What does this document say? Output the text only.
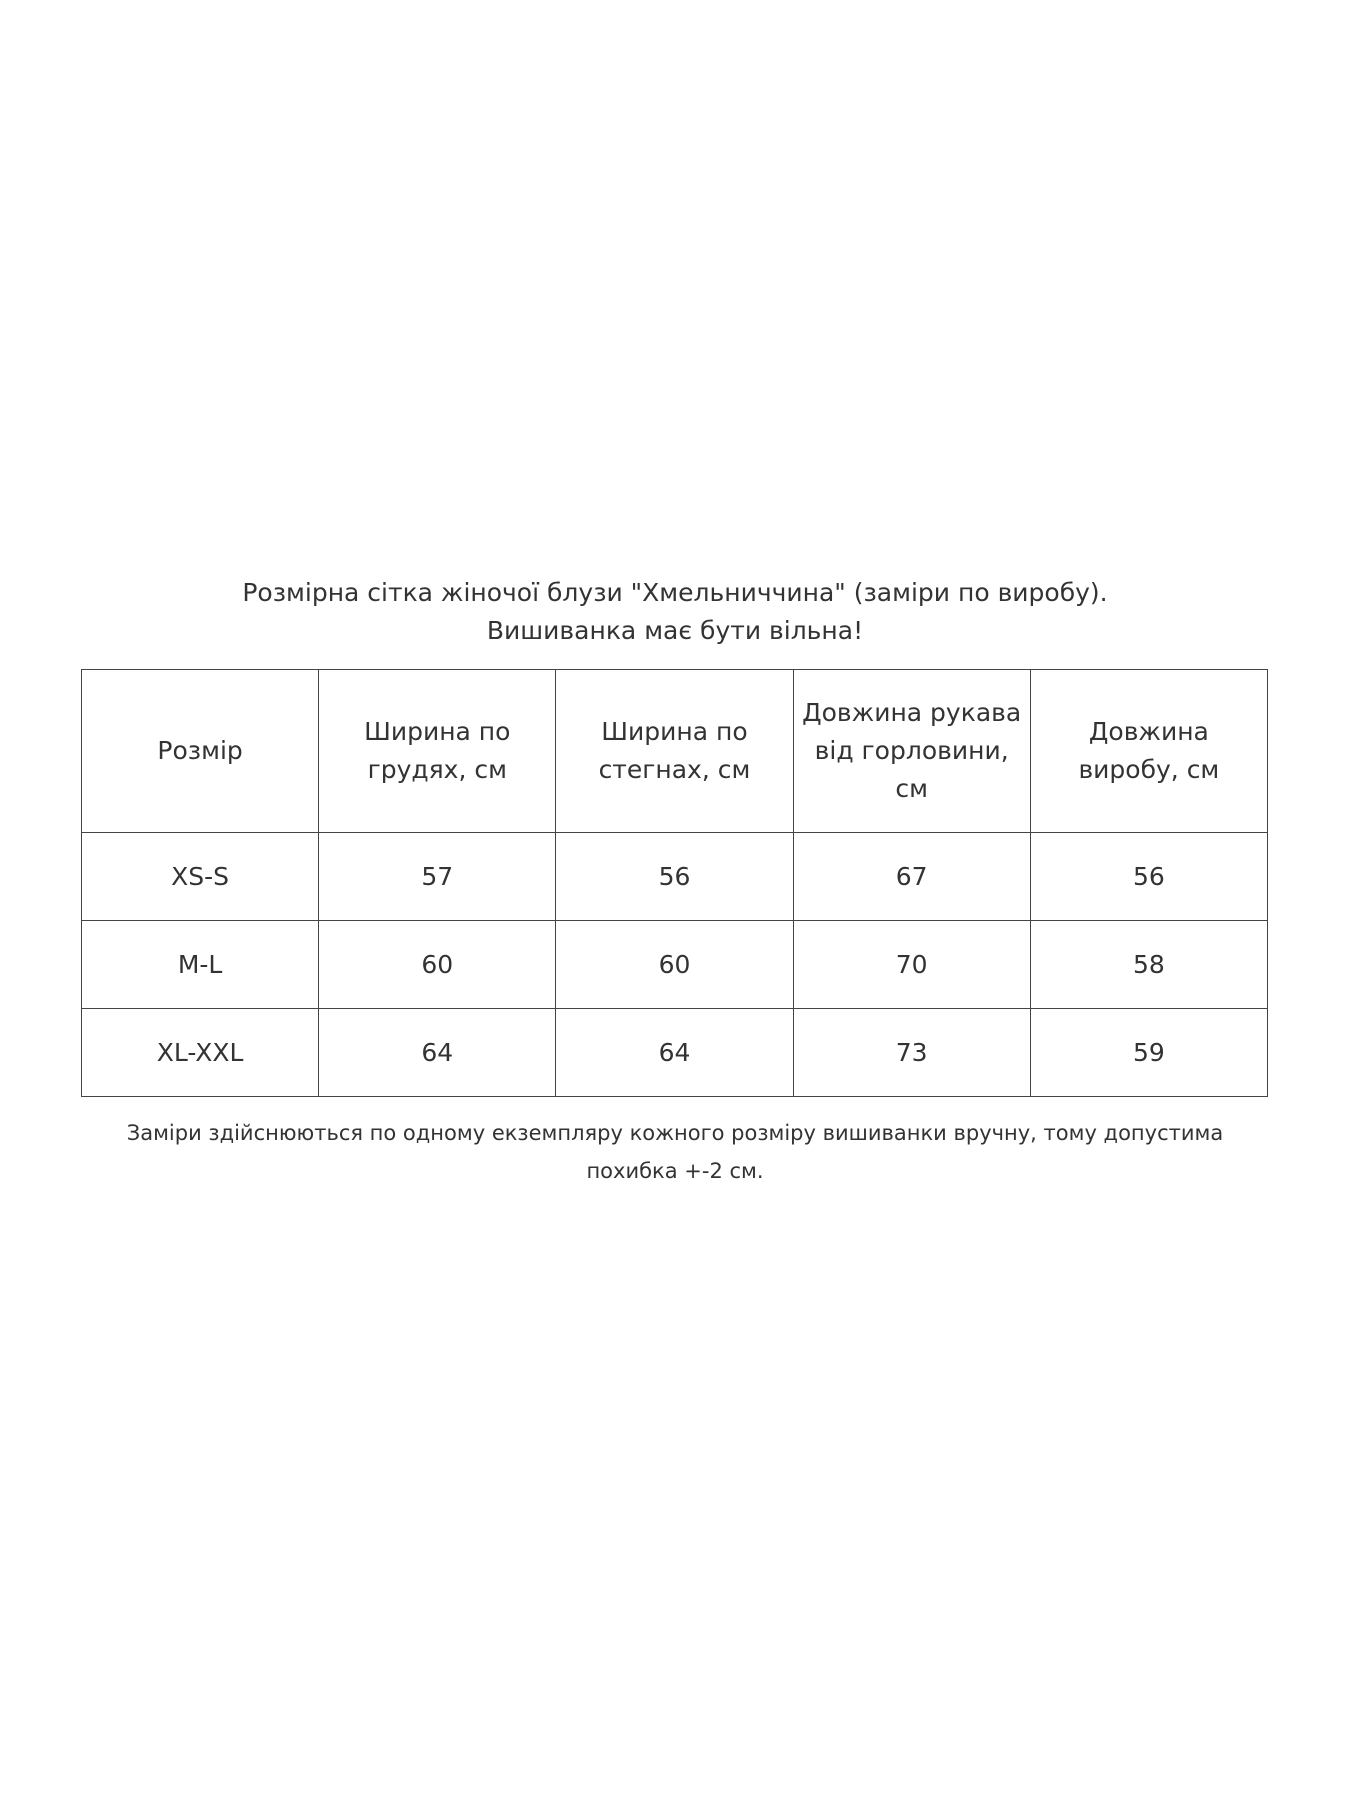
Розмірна сітка жіночої блузи "Хмельниччина" (заміри по виробу).
Вишиванка має бути вільна!
Розмір	Ширина по грудях, см	Ширина по стегнах, см	Довжина рукава від горловини, см	Довжина виробу, см
XS-S	57	56	67	56
M-L	60	60	70	58
XL-XXL	64	64	73	59
Заміри здійснюються по одному екземпляру кожного розміру вишиванки вручну, тому допустима похибка +-2 см.
